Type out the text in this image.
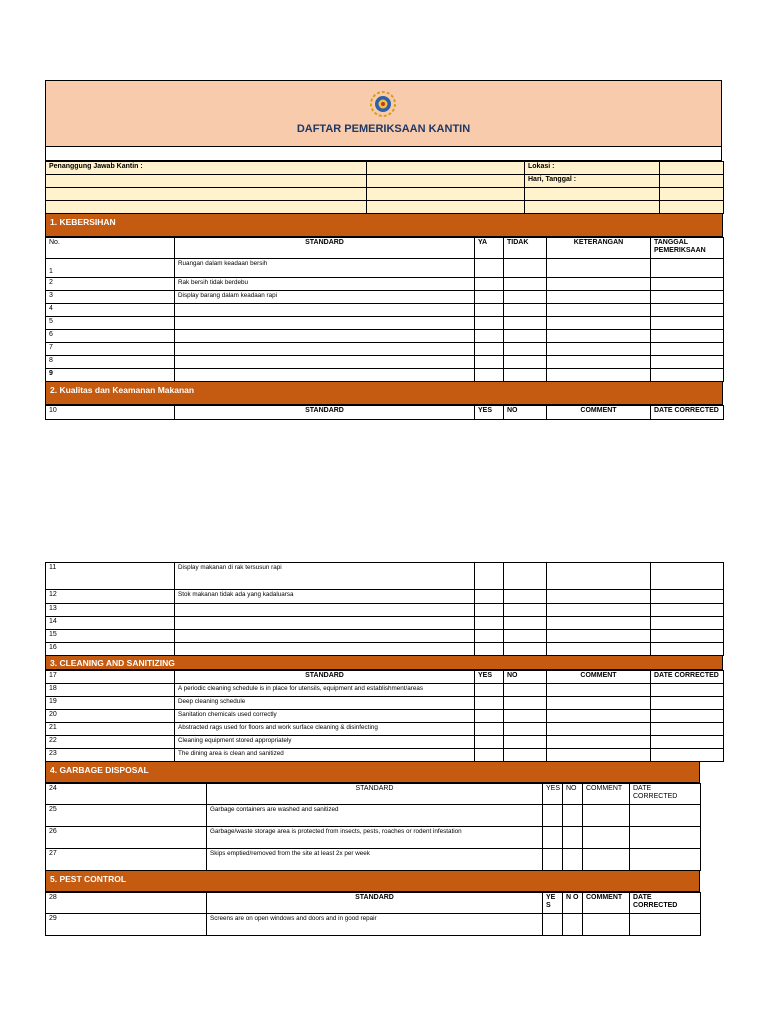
DAFTAR PEMERIKSAAN KANTIN
Penanggung Jawab Kantin :		Lokasi :	
		Hari, Tanggal :	

1. KEBERSIHAN
No.	STANDARD	YA	TIDAK	KETERANGAN	TANGGAL PEMERIKSAAN
1	Ruangan dalam keadaan bersih				
2	Rak bersih tidak berdebu				
3	Display barang dalam keadaan rapi				
4					
5					
6					
7					
8					
9					
2. Kualitas dan Keamanan Makanan
10	STANDARD	YES	NO	COMMENT	DATE CORRECTED
11	Display makanan di rak tersusun rapi				
12	Stok makanan tidak ada yang kadaluarsa				
13					
14					
15					
16					
3. CLEANING AND SANITIZING
17	STANDARD	YES	NO	COMMENT	DATE CORRECTED
18	A periodic cleaning schedule is in place for utensils, equipment and establishment/areas				
19	Deep cleaning schedule				
20	Sanitation chemicals used correctly				
21	Abstracted rags used for floors and work surface cleaning & disinfecting				
22	Cleaning equipment stored appropriately				
23	The dining area is clean and sanitized				
4. GARBAGE DISPOSAL
24	STANDARD	YES	NO	COMMENT	DATE CORRECTED
25	Garbage containers are washed and sanitized				
26	Garbage/waste storage area is protected from insects, pests, roaches or rodent infestation				
27	Skips emptied/removed from the site at least 2x per week				
5. PEST CONTROL
28	STANDARD	YE S	N O	COMMENT	DATE CORRECTED
29	Screens are on open windows and doors and in good repair				
